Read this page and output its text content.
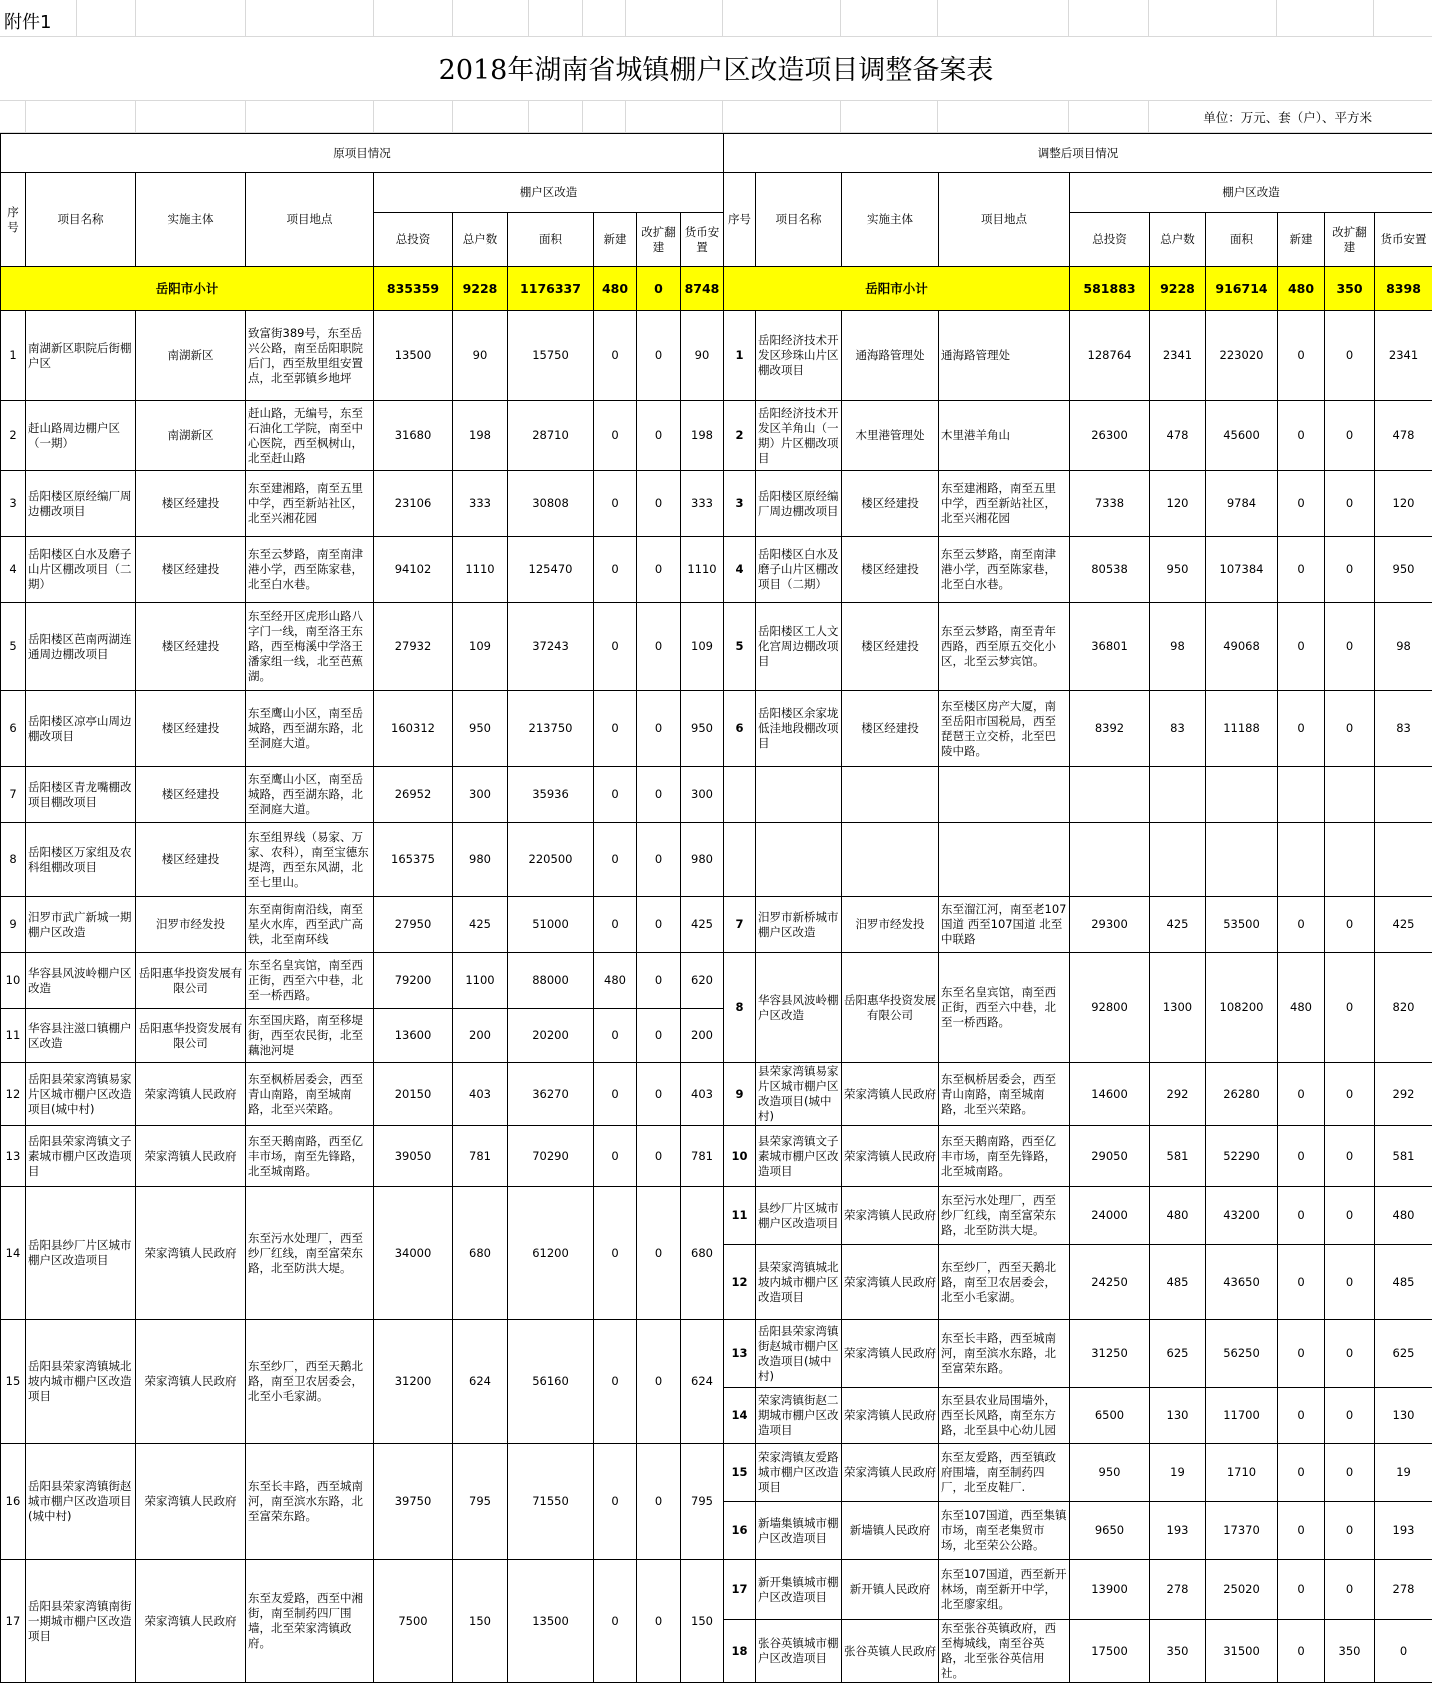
附件1
2018年湖南省城镇棚户区改造项目调整备案表
单位：万元、套（户）、平方米
原项目情况										调整后项目情况									
序号	项目名称	实施主体	项目地点	棚户区改造						序号	项目名称	实施主体	项目地点	棚户区改造					
				总投资	总户数	面积	新建	改扩翻建	货币安置					总投资	总户数	面积	新建	改扩翻建	货币安置
岳阳市小计				835359	9228	1176337	480	0	8748	岳阳市小计				581883	9228	916714	480	350	8398
1	南湖新区职院后街棚户区	南湖新区	致富街389号，东至岳兴公路，南至岳阳职院后门，西至敖里组安置点，北至郭镇乡地坪	13500	90	15750	0	0	90	1	岳阳经济技术开发区珍珠山片区棚改项目	通海路管理处	通海路管理处	128764	2341	223020	0	0	2341
2	赶山路周边棚户区（一期）	南湖新区	赶山路，无编号，东至石油化工学院，南至中心医院，西至枫树山，北至赶山路	31680	198	28710	0	0	198	2	岳阳经济技术开发区羊角山（一期）片区棚改项目	木里港管理处	木里港羊角山	26300	478	45600	0	0	478
3	岳阳楼区原经编厂周边棚改项目	楼区经建投	东至建湘路，南至五里中学，西至新站社区，北至兴湘花园	23106	333	30808	0	0	333	3	岳阳楼区原经编厂周边棚改项目	楼区经建投	东至建湘路，南至五里中学，西至新站社区，北至兴湘花园	7338	120	9784	0	0	120
4	岳阳楼区白水及磨子山片区棚改项目（二期）	楼区经建投	东至云梦路，南至南津港小学，西至陈家巷，北至白水巷。	94102	1110	125470	0	0	1110	4	岳阳楼区白水及磨子山片区棚改项目（二期）	楼区经建投	东至云梦路，南至南津港小学，西至陈家巷，北至白水巷。	80538	950	107384	0	0	950
5	岳阳楼区芭南两湖连通周边棚改项目	楼区经建投	东至经开区虎形山路八字门一线，南至洛王东路，西至梅溪中学洛王潘家组一线，北至芭蕉湖。	27932	109	37243	0	0	109	5	岳阳楼区工人文化宫周边棚改项目	楼区经建投	东至云梦路，南至青年西路，西至原五交化小区，北至云梦宾馆。	36801	98	49068	0	0	98
6	岳阳楼区凉亭山周边棚改项目	楼区经建投	东至鹰山小区，南至岳城路，西至湖东路，北至洞庭大道。	160312	950	213750	0	0	950	6	岳阳楼区余家垅低洼地段棚改项目	楼区经建投	东至楼区房产大厦，南至岳阳市国税局，西至琵琶王立交桥，北至巴陵中路。	8392	83	11188	0	0	83
7	岳阳楼区青龙嘴棚改项目棚改项目	楼区经建投	东至鹰山小区，南至岳城路，西至湖东路，北至洞庭大道。	26952	300	35936	0	0	300										
8	岳阳楼区万家组及农科组棚改项目	楼区经建投	东至组界线（易家、万家、农科），南至宝德东堤湾，西至东风湖，北至七里山。	165375	980	220500	0	0	980										
9	汨罗市武广新城一期棚户区改造	汨罗市经发投	东至南街南沿线，南至星火水库，西至武广高铁，北至南环线	27950	425	51000	0	0	425	7	汨罗市新桥城市棚户区改造	汨罗市经发投	东至溜江河，南至老107国道 西至107国道 北至中联路	29300	425	53500	0	0	425
10	华容县风波岭棚户区改造	岳阳惠华投资发展有限公司	东至名皇宾馆，南至西正街，西至六中巷，北至一桥西路。	79200	1100	88000	480	0	620	8	华容县风波岭棚户区改造	岳阳惠华投资发展有限公司	东至名皇宾馆，南至西正街，西至六中巷，北至一桥西路。	92800	1300	108200	480	0	820
11	华容县注滋口镇棚户区改造	岳阳惠华投资发展有限公司	东至国庆路，南至移堤街，西至农民街，北至藕池河堤	13600	200	20200	0	0	200										
12	岳阳县荣家湾镇易家片区城市棚户区改造项目(城中村)	荣家湾镇人民政府	东至枫桥居委会，西至青山南路，南至城南路，北至兴荣路。	20150	403	36270	0	0	403	9	县荣家湾镇易家片区城市棚户区改造项目(城中村)	荣家湾镇人民政府	东至枫桥居委会，西至青山南路，南至城南路，北至兴荣路。	14600	292	26280	0	0	292
13	岳阳县荣家湾镇文子素城市棚户区改造项目	荣家湾镇人民政府	东至天鹅南路，西至亿丰市场，南至先锋路，北至城南路。	39050	781	70290	0	0	781	10	县荣家湾镇文子素城市棚户区改造项目	荣家湾镇人民政府	东至天鹅南路，西至亿丰市场，南至先锋路，北至城南路。	29050	581	52290	0	0	581
14	岳阳县纱厂片区城市棚户区改造项目	荣家湾镇人民政府	东至污水处理厂，西至纱厂红线，南至富荣东路，北至防洪大堤。	34000	680	61200	0	0	680	11	县纱厂片区城市棚户区改造项目	荣家湾镇人民政府	东至污水处理厂，西至纱厂红线，南至富荣东路，北至防洪大堤。	24000	480	43200	0	0	480
										12	县荣家湾镇城北坡内城市棚户区改造项目	荣家湾镇人民政府	东至纱厂，西至天鹅北路，南至卫农居委会，北至小毛家湖。	24250	485	43650	0	0	485
15	岳阳县荣家湾镇城北坡内城市棚户区改造项目	荣家湾镇人民政府	东至纱厂，西至天鹅北路，南至卫农居委会，北至小毛家湖。	31200	624	56160	0	0	624	13	岳阳县荣家湾镇街赵城市棚户区改造项目(城中村)	荣家湾镇人民政府	东至长丰路，西至城南河，南至滨水东路，北至富荣东路。	31250	625	56250	0	0	625
										14	荣家湾镇街赵二期城市棚户区改造项目	荣家湾镇人民政府	东至县农业局围墙外，西至长风路，南至东方路，北至县中心幼儿园	6500	130	11700	0	0	130
16	岳阳县荣家湾镇街赵城市棚户区改造项目(城中村)	荣家湾镇人民政府	东至长丰路，西至城南河，南至滨水东路，北至富荣东路。	39750	795	71550	0	0	795	15	荣家湾镇友爱路城市棚户区改造项目	荣家湾镇人民政府	东至友爱路，西至镇政府围墙，南至制药四厂，北至皮鞋厂.	950	19	1710	0	0	19
										16	新墙集镇城市棚户区改造项目	新墙镇人民政府	东至107国道，西至集镇市场，南至老集贸市场，北至荣公公路。	9650	193	17370	0	0	193
17	岳阳县荣家湾镇南街一期城市棚户区改造项目	荣家湾镇人民政府	东至友爱路，西至中湘街，南至制药四厂围墙，北至荣家湾镇政府。	7500	150	13500	0	0	150	17	新开集镇城市棚户区改造项目	新开镇人民政府	东至107国道，西至新开林场，南至新开中学，北至廖家组。	13900	278	25020	0	0	278
										18	张谷英镇城市棚户区改造项目	张谷英镇人民政府	东至张谷英镇政府，西至梅城线，南至谷英路，北至张谷英信用社。	17500	350	31500	0	350	0
